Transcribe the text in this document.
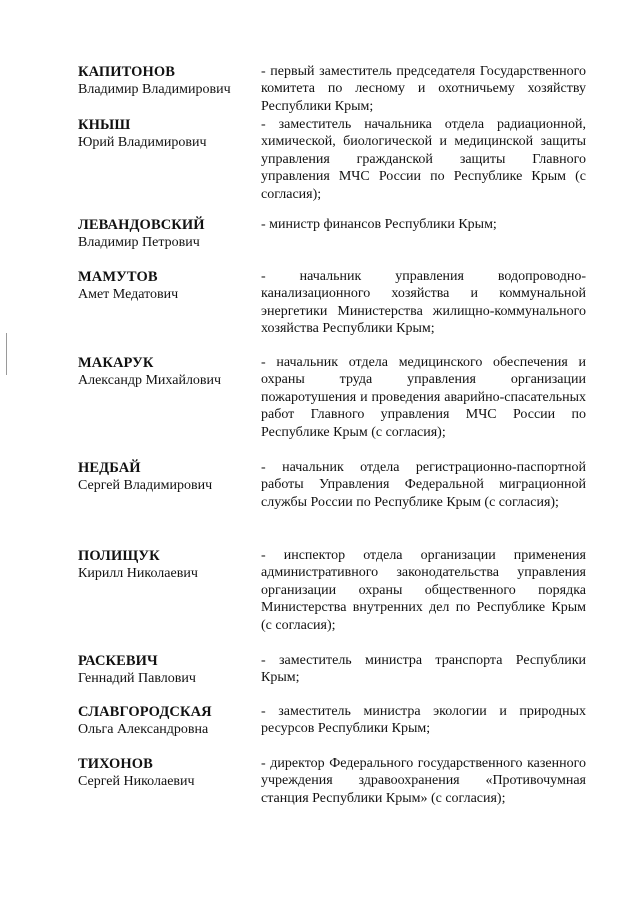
КАПИТОНОВ
Владимир Владимирович
- первый заместитель председателя Государственного комитета по лесному и охотничьему хозяйству Республики Крым;
КНЫШ
Юрий Владимирович
- заместитель начальника отдела радиационной, химической, биологической и медицинской защиты управления гражданской защиты Главного управления МЧС России по Республике Крым (с согласия);
ЛЕВАНДОВСКИЙ
Владимир Петрович
- министр финансов Республики Крым;
МАМУТОВ
Амет Медатович
- начальник управления водопроводно-канализационного хозяйства и коммунальной энергетики Министерства жилищно-коммунального хозяйства Республики Крым;
МАКАРУК
Александр Михайлович
- начальник отдела медицинского обеспечения и охраны труда управления организации пожаротушения и проведения аварийно-спасательных работ Главного управления МЧС России по Республике Крым (с согласия);
НЕДБАЙ
Сергей Владимирович
- начальник отдела регистрационно-паспортной работы Управления Федеральной миграционной службы России по Республике Крым (с согласия);
ПОЛИЩУК
Кирилл Николаевич
- инспектор отдела организации применения административного законодательства управления организации охраны общественного порядка Министерства внутренних дел по Республике Крым (с согласия);
РАСКЕВИЧ
Геннадий Павлович
- заместитель министра транспорта Республики Крым;
СЛАВГОРОДСКАЯ
Ольга Александровна
- заместитель министра экологии и природных ресурсов Республики Крым;
ТИХОНОВ
Сергей Николаевич
- директор Федерального государственного казенного учреждения здравоохранения «Противочумная станция Республики Крым» (с согласия);
